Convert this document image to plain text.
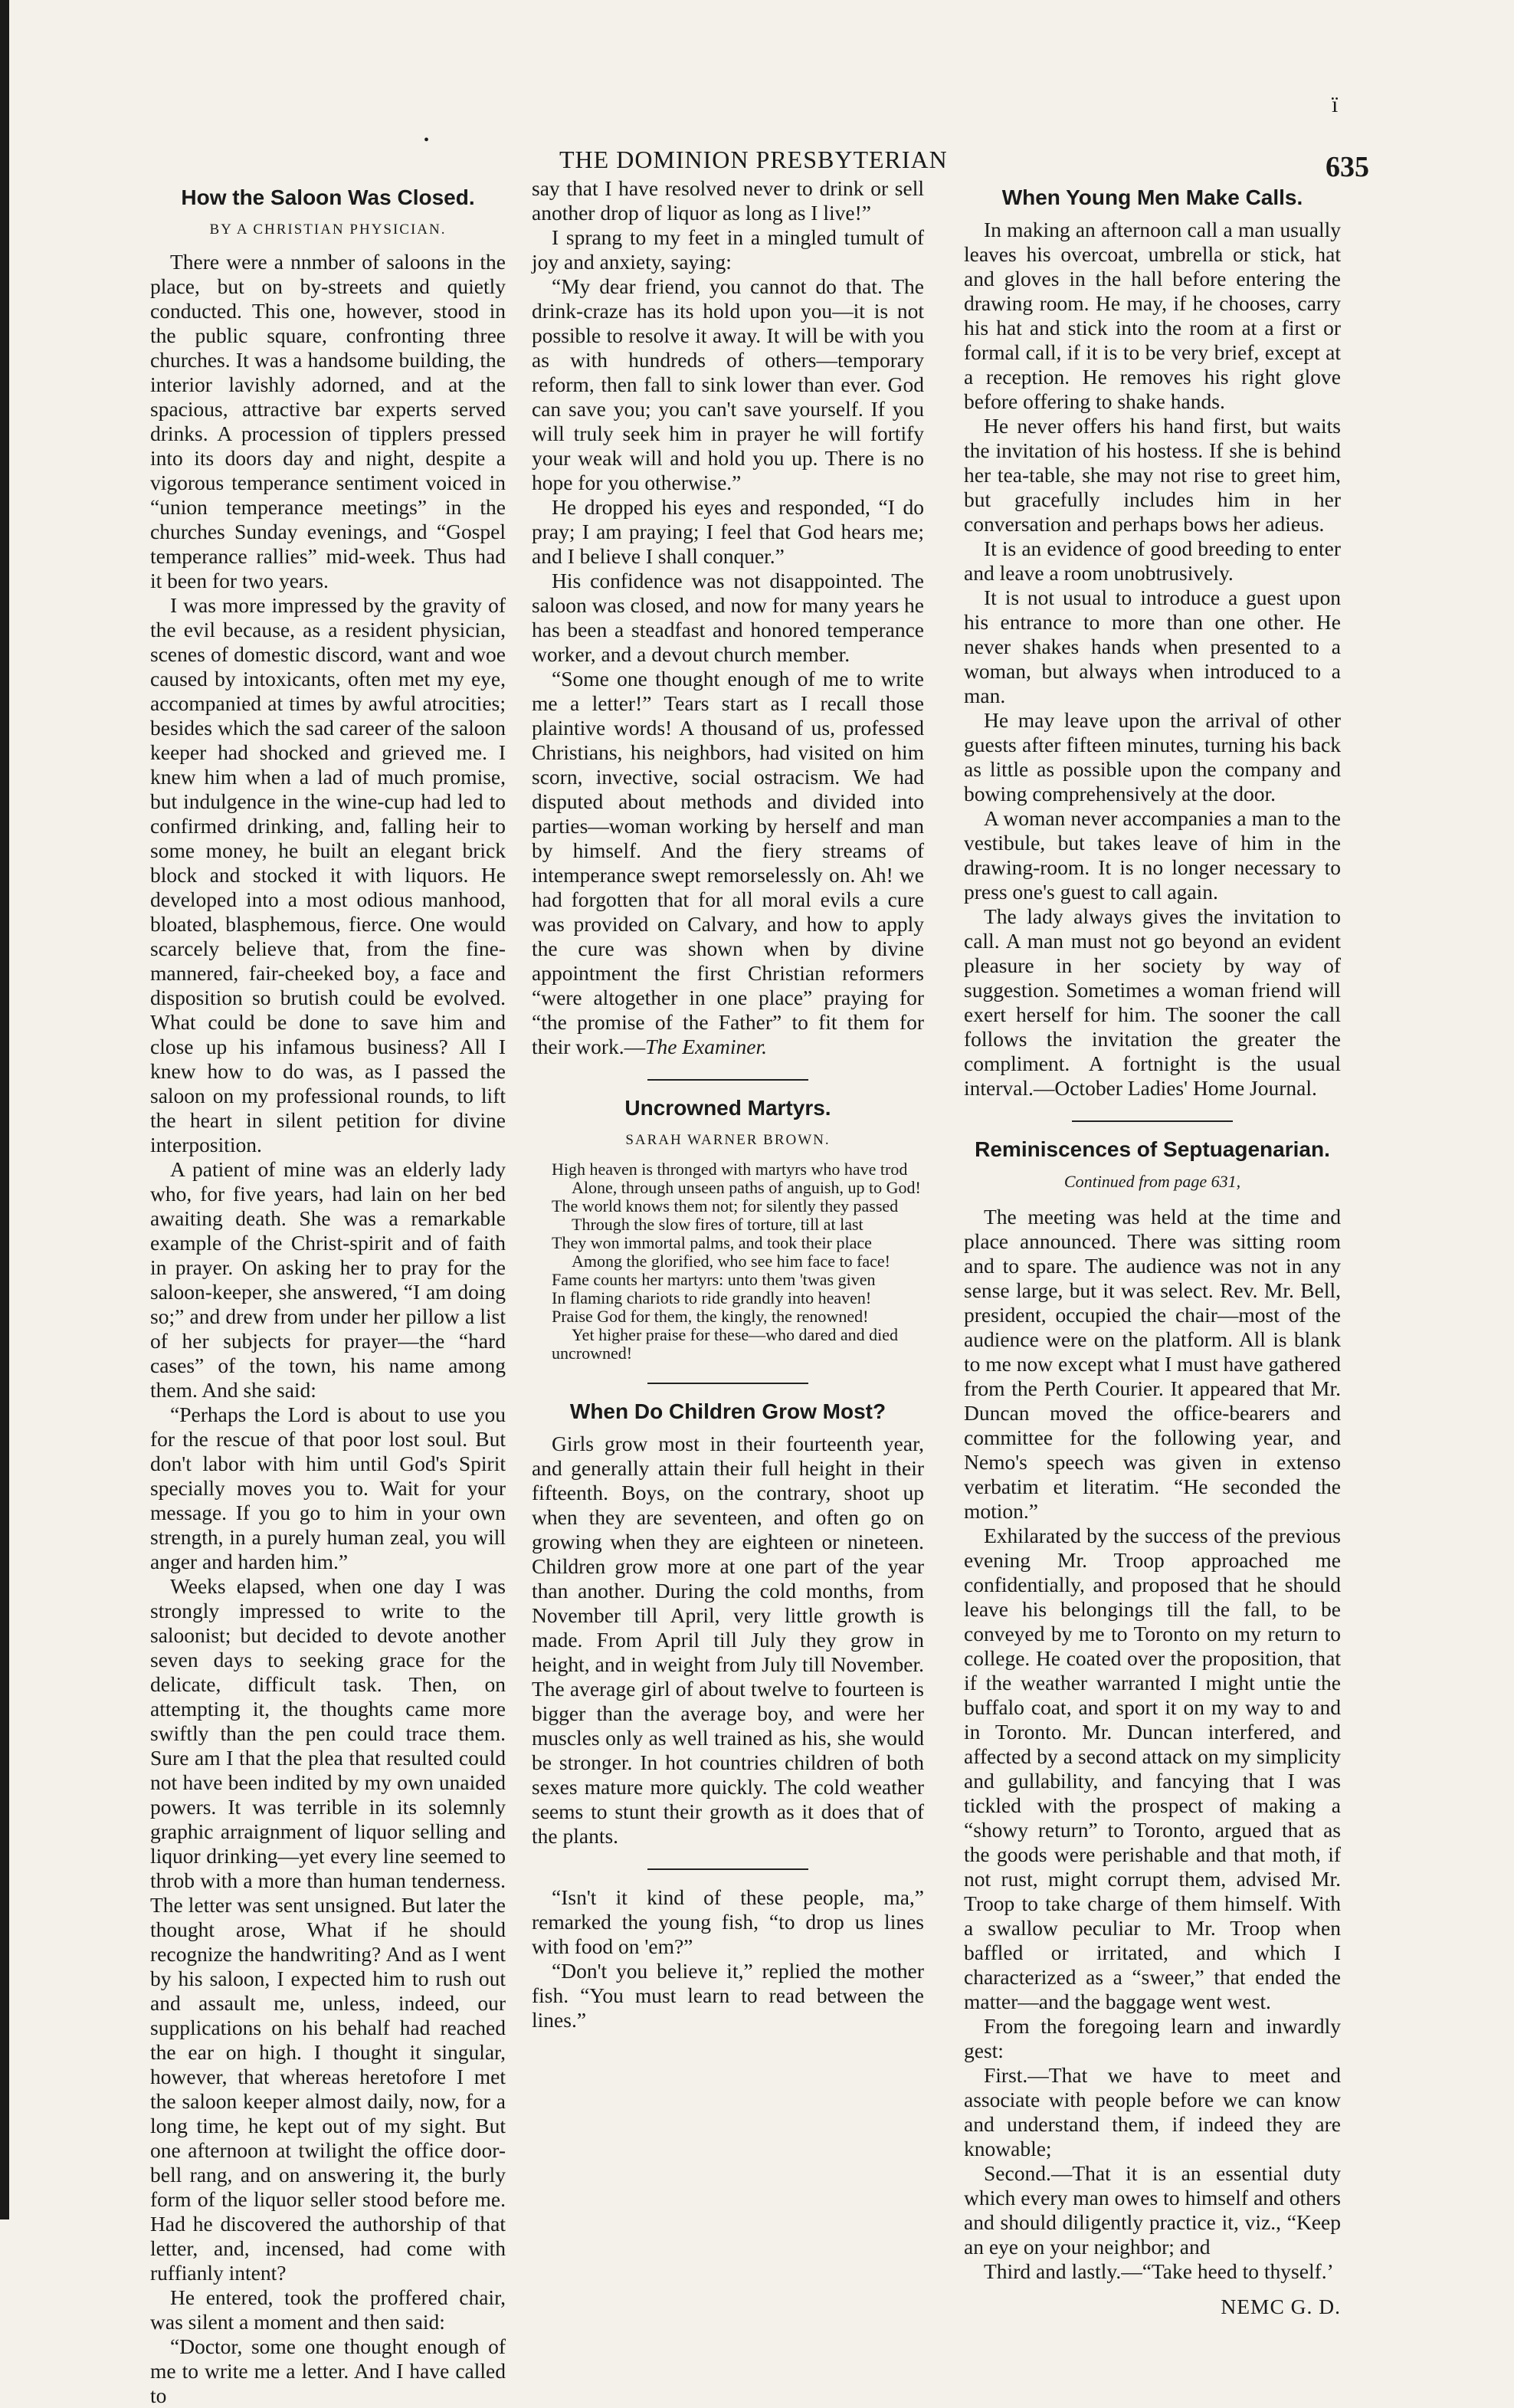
ï
•
THE DOMINION PRESBYTERIAN	635
How the Saloon Was Closed.
BY A CHRISTIAN PHYSICIAN.

There were a nnmber of saloons in the place, but on by-streets and quietly conducted. This one, however, stood in the public square, confronting three churches. It was a handsome building, the interior lavishly adorned, and at the spacious, attractive bar experts served drinks. A procession of tipplers pressed into its doors day and night, despite a vigorous temperance sentiment voiced in “union temperance meetings” in the churches Sunday evenings, and “Gospel temperance rallies” mid-week. Thus had it been for two years.

I was more impressed by the gravity of the evil because, as a resident physician, scenes of domestic discord, want and woe caused by intoxicants, often met my eye, accompanied at times by awful atrocities; besides which the sad career of the saloon keeper had shocked and grieved me. I knew him when a lad of much promise, but indulgence in the wine-cup had led to confirmed drinking, and, falling heir to some money, he built an elegant brick block and stocked it with liquors. He developed into a most odious manhood, bloated, blasphemous, fierce. One would scarcely believe that, from the fine-mannered, fair-cheeked boy, a face and disposition so brutish could be evolved. What could be done to save him and close up his infamous business? All I knew how to do was, as I passed the saloon on my professional rounds, to lift the heart in silent petition for divine interposition.

A patient of mine was an elderly lady who, for five years, had lain on her bed awaiting death. She was a remarkable example of the Christ-spirit and of faith in prayer. On asking her to pray for the saloon-keeper, she answered, “I am doing so;” and drew from under her pillow a list of her subjects for prayer—the “hard cases” of the town, his name among them. And she said:

“Perhaps the Lord is about to use you for the rescue of that poor lost soul. But don't labor with him until God's Spirit specially moves you to. Wait for your message. If you go to him in your own strength, in a purely human zeal, you will anger and harden him.”

Weeks elapsed, when one day I was strongly impressed to write to the saloonist; but decided to devote another seven days to seeking grace for the delicate, difficult task. Then, on attempting it, the thoughts came more swiftly than the pen could trace them. Sure am I that the plea that resulted could not have been indited by my own unaided powers. It was terrible in its solemnly graphic arraignment of liquor selling and liquor drinking—yet every line seemed to throb with a more than human tenderness. The letter was sent unsigned. But later the thought arose, What if he should recognize the handwriting? And as I went by his saloon, I expected him to rush out and assault me, unless, indeed, our supplications on his behalf had reached the ear on high. I thought it singular, however, that whereas heretofore I met the saloon keeper almost daily, now, for a long time, he kept out of my sight. But one afternoon at twilight the office door-bell rang, and on answering it, the burly form of the liquor seller stood before me. Had he discovered the authorship of that letter, and, incensed, had come with ruffianly intent?

He entered, took the proffered chair, was silent a moment and then said:

“Doctor, some one thought enough of me to write me a letter. And I have called to

say that I have resolved never to drink or sell another drop of liquor as long as I live!”

I sprang to my feet in a mingled tumult of joy and anxiety, saying:

“My dear friend, you cannot do that. The drink-craze has its hold upon you—it is not possible to resolve it away. It will be with you as with hundreds of others—temporary reform, then fall to sink lower than ever. God can save you; you can't save yourself. If you will truly seek him in prayer he will fortify your weak will and hold you up. There is no hope for you otherwise.”

He dropped his eyes and responded, “I do pray; I am praying; I feel that God hears me; and I believe I shall conquer.”

His confidence was not disappointed. The saloon was closed, and now for many years he has been a steadfast and honored temperance worker, and a devout church member.

“Some one thought enough of me to write me a letter!” Tears start as I recall those plaintive words! A thousand of us, professed Christians, his neighbors, had visited on him scorn, invective, social ostracism. We had disputed about methods and divided into parties—woman working by herself and man by himself. And the fiery streams of intemperance swept remorselessly on. Ah! we had forgotten that for all moral evils a cure was provided on Calvary, and how to apply the cure was shown when by divine appointment the first Christian reformers “were altogether in one place” praying for “the promise of the Father” to fit them for their work.—The Examiner.

Uncrowned Martyrs.
SARAH WARNER BROWN.

High heaven is thronged with martyrs who have trod

Alone, through unseen paths of anguish, up to God!

The world knows them not; for silently they passed

Through the slow fires of torture, till at last

They won immortal palms, and took their place

Among the glorified, who see him face to face!

Fame counts her martyrs: unto them 'twas given

In flaming chariots to ride grandly into heaven!

Praise God for them, the kingly, the renowned!

Yet higher praise for these—who dared and died uncrowned!

When Do Children Grow Most?

Girls grow most in their fourteenth year, and generally attain their full height in their fifteenth. Boys, on the contrary, shoot up when they are seventeen, and often go on growing when they are eighteen or nineteen. Children grow more at one part of the year than another. During the cold months, from November till April, very little growth is made. From April till July they grow in height, and in weight from July till November. The average girl of about twelve to fourteen is bigger than the average boy, and were her muscles only as well trained as his, she would be stronger. In hot countries children of both sexes mature more quickly. The cold weather seems to stunt their growth as it does that of the plants.

“Isn't it kind of these people, ma,” remarked the young fish, “to drop us lines with food on 'em?”

“Don't you believe it,” replied the mother fish. “You must learn to read between the lines.”

When Young Men Make Calls.

In making an afternoon call a man usually leaves his overcoat, umbrella or stick, hat and gloves in the hall before entering the drawing room. He may, if he chooses, carry his hat and stick into the room at a first or formal call, if it is to be very brief, except at a reception. He removes his right glove before offering to shake hands.

He never offers his hand first, but waits the invitation of his hostess. If she is behind her tea-table, she may not rise to greet him, but gracefully includes him in her conversation and perhaps bows her adieus.

It is an evidence of good breeding to enter and leave a room unobtrusively.

It is not usual to introduce a guest upon his entrance to more than one other. He never shakes hands when presented to a woman, but always when introduced to a man.

He may leave upon the arrival of other guests after fifteen minutes, turning his back as little as possible upon the company and bowing comprehensively at the door.

A woman never accompanies a man to the vestibule, but takes leave of him in the drawing-room. It is no longer necessary to press one's guest to call again.

The lady always gives the invitation to call. A man must not go beyond an evident pleasure in her society by way of suggestion. Sometimes a woman friend will exert herself for him. The sooner the call follows the invitation the greater the compliment. A fortnight is the usual interval.—October Ladies' Home Journal.

Reminiscences of Septuagenarian.
Continued from page 631,

The meeting was held at the time and place announced. There was sitting room and to spare. The audience was not in any sense large, but it was select. Rev. Mr. Bell, president, occupied the chair—most of the audience were on the platform. All is blank to me now except what I must have gathered from the Perth Courier. It appeared that Mr. Duncan moved the office-bearers and committee for the following year, and Nemo's speech was given in extenso verbatim et literatim. “He seconded the motion.”

Exhilarated by the success of the previous evening Mr. Troop approached me confidentially, and proposed that he should leave his belongings till the fall, to be conveyed by me to Toronto on my return to college. He coated over the proposition, that if the weather warranted I might untie the buffalo coat, and sport it on my way to and in Toronto. Mr. Duncan interfered, and affected by a second attack on my simplicity and gullability, and fancying that I was tickled with the prospect of making a “showy return” to Toronto, argued that as the goods were perishable and that moth, if not rust, might corrupt them, advised Mr. Troop to take charge of them himself. With a swallow peculiar to Mr. Troop when baffled or irritated, and which I characterized as a “sweer,” that ended the matter—and the baggage went west.

From the foregoing learn and inwardly gest:

First.—That we have to meet and associate with people before we can know and understand them, if indeed they are knowable;

Second.—That it is an essential duty which every man owes to himself and others and should diligently practice it, viz., “Keep an eye on your neighbor; and

Third and lastly.—“Take heed to thyself.’

NEMC G. D.
